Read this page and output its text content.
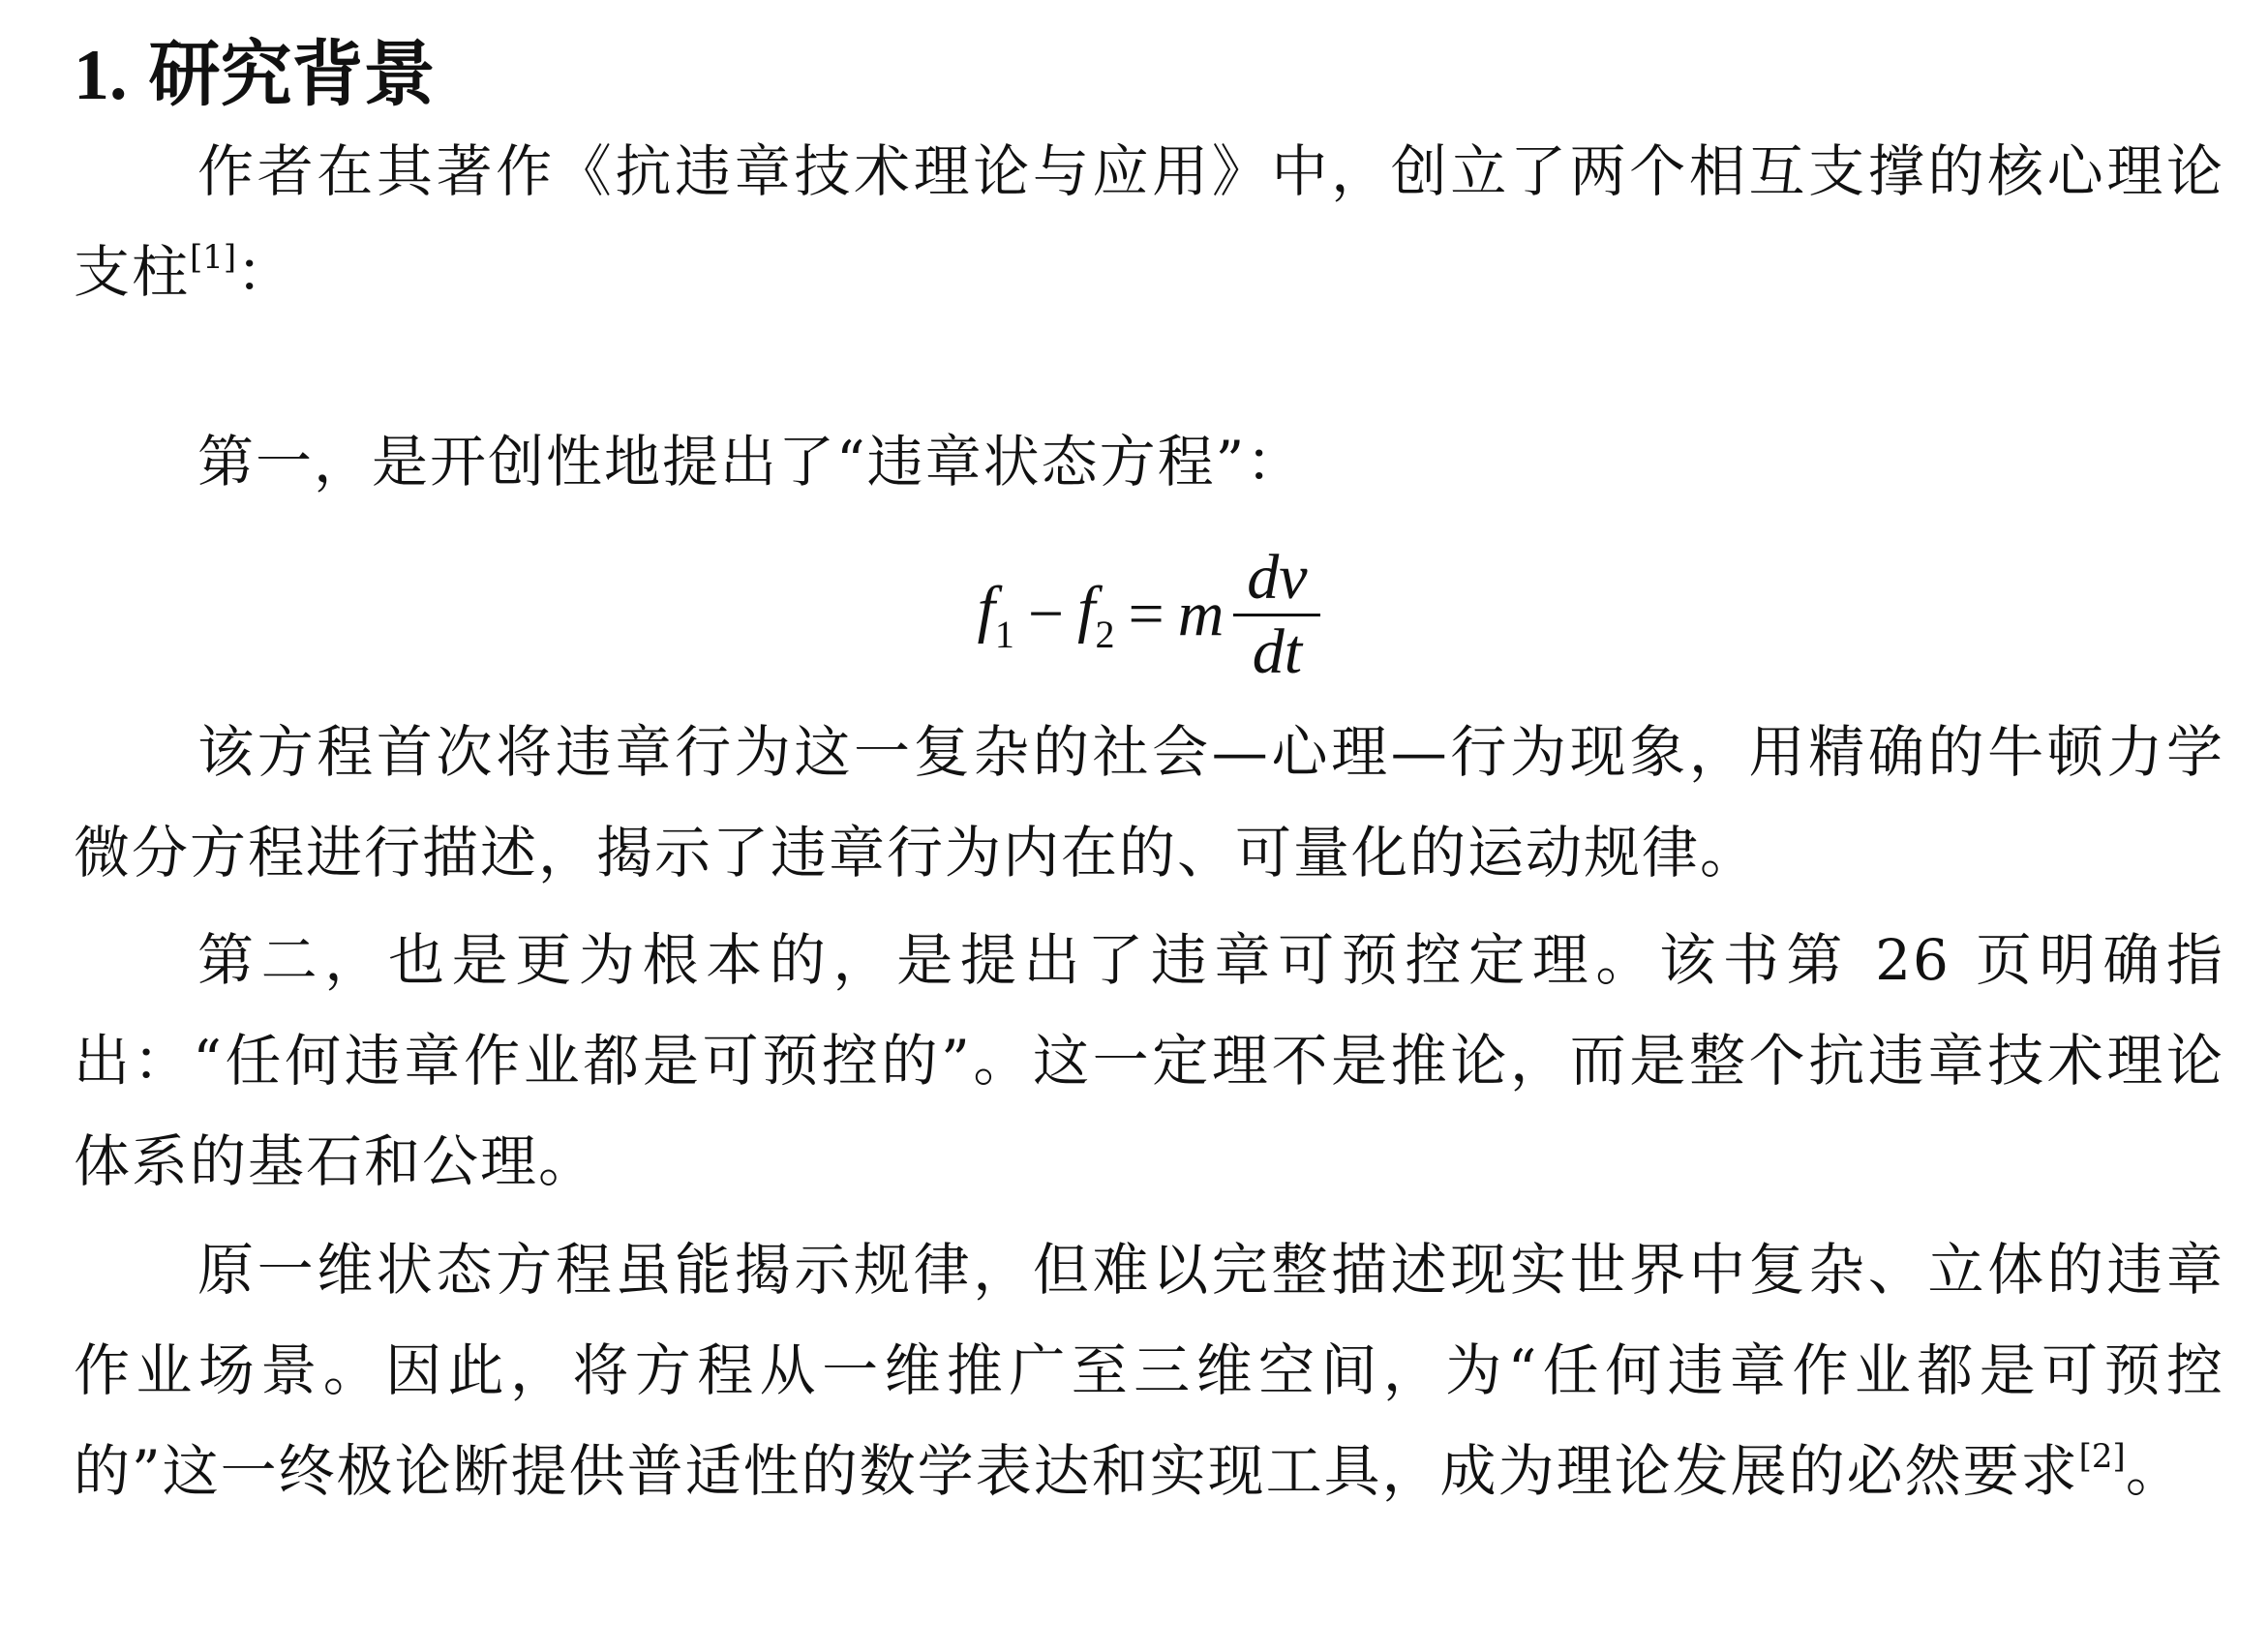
1. 研究背景

作者在其著作《抗违章技术理论与应用》中，创立了两个相互支撑的核心理论支柱[1]：

第一，是开创性地提出了“违章状态方程”：

$f_1 - f_2 = m \frac{dv}{dt}$

该方程首次将违章行为这一复杂的社会—心理—行为现象，用精确的牛顿力学微分方程进行描述，揭示了违章行为内在的、可量化的运动规律。

第二，也是更为根本的，是提出了违章可预控定理。该书第 26 页明确指出：“任何违章作业都是可预控的”。这一定理不是推论，而是整个抗违章技术理论体系的基石和公理。

原一维状态方程虽能揭示规律，但难以完整描述现实世界中复杂、立体的违章作业场景。因此，将方程从一维推广至三维空间，为“任何违章作业都是可预控的”这一终极论断提供普适性的数学表达和实现工具，成为理论发展的必然要求[2]。
